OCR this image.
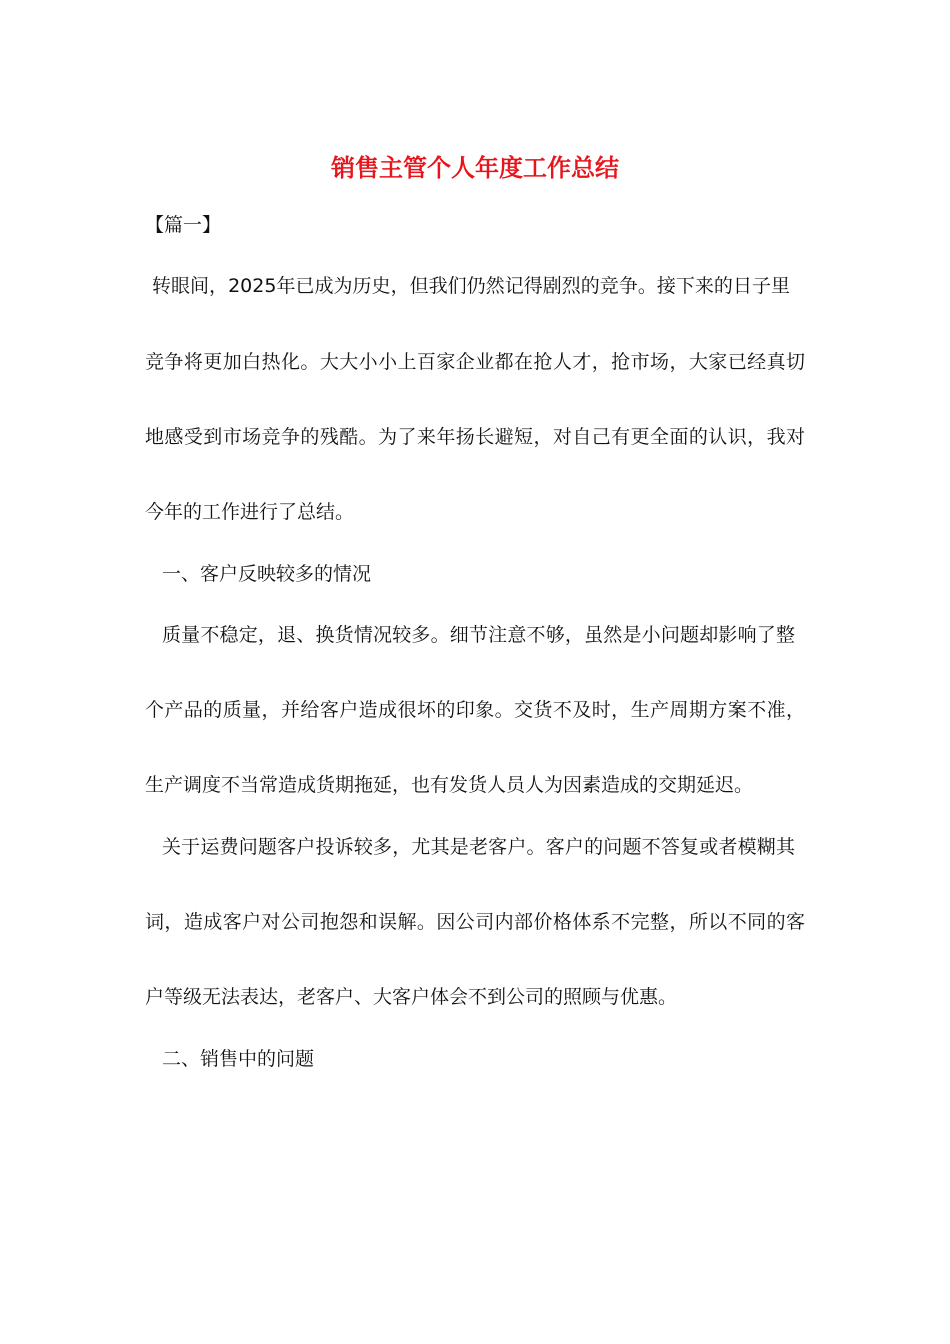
销售主管个人年度工作总结
【篇一】
转眼间，2025年已成为历史，但我们仍然记得剧烈的竞争。接下来的日子里
竞争将更加白热化。大大小小上百家企业都在抢人才，抢市场，大家已经真切
地感受到市场竞争的残酷。为了来年扬长避短，对自己有更全面的认识，我对
今年的工作进行了总结。
一、客户反映较多的情况
质量不稳定，退、换货情况较多。细节注意不够，虽然是小问题却影响了整
个产品的质量，并给客户造成很坏的印象。交货不及时，生产周期方案不准，
生产调度不当常造成货期拖延，也有发货人员人为因素造成的交期延迟。
关于运费问题客户投诉较多，尤其是老客户。客户的问题不答复或者模糊其
词，造成客户对公司抱怨和误解。因公司内部价格体系不完整，所以不同的客
户等级无法表达，老客户、大客户体会不到公司的照顾与优惠。
二、销售中的问题
